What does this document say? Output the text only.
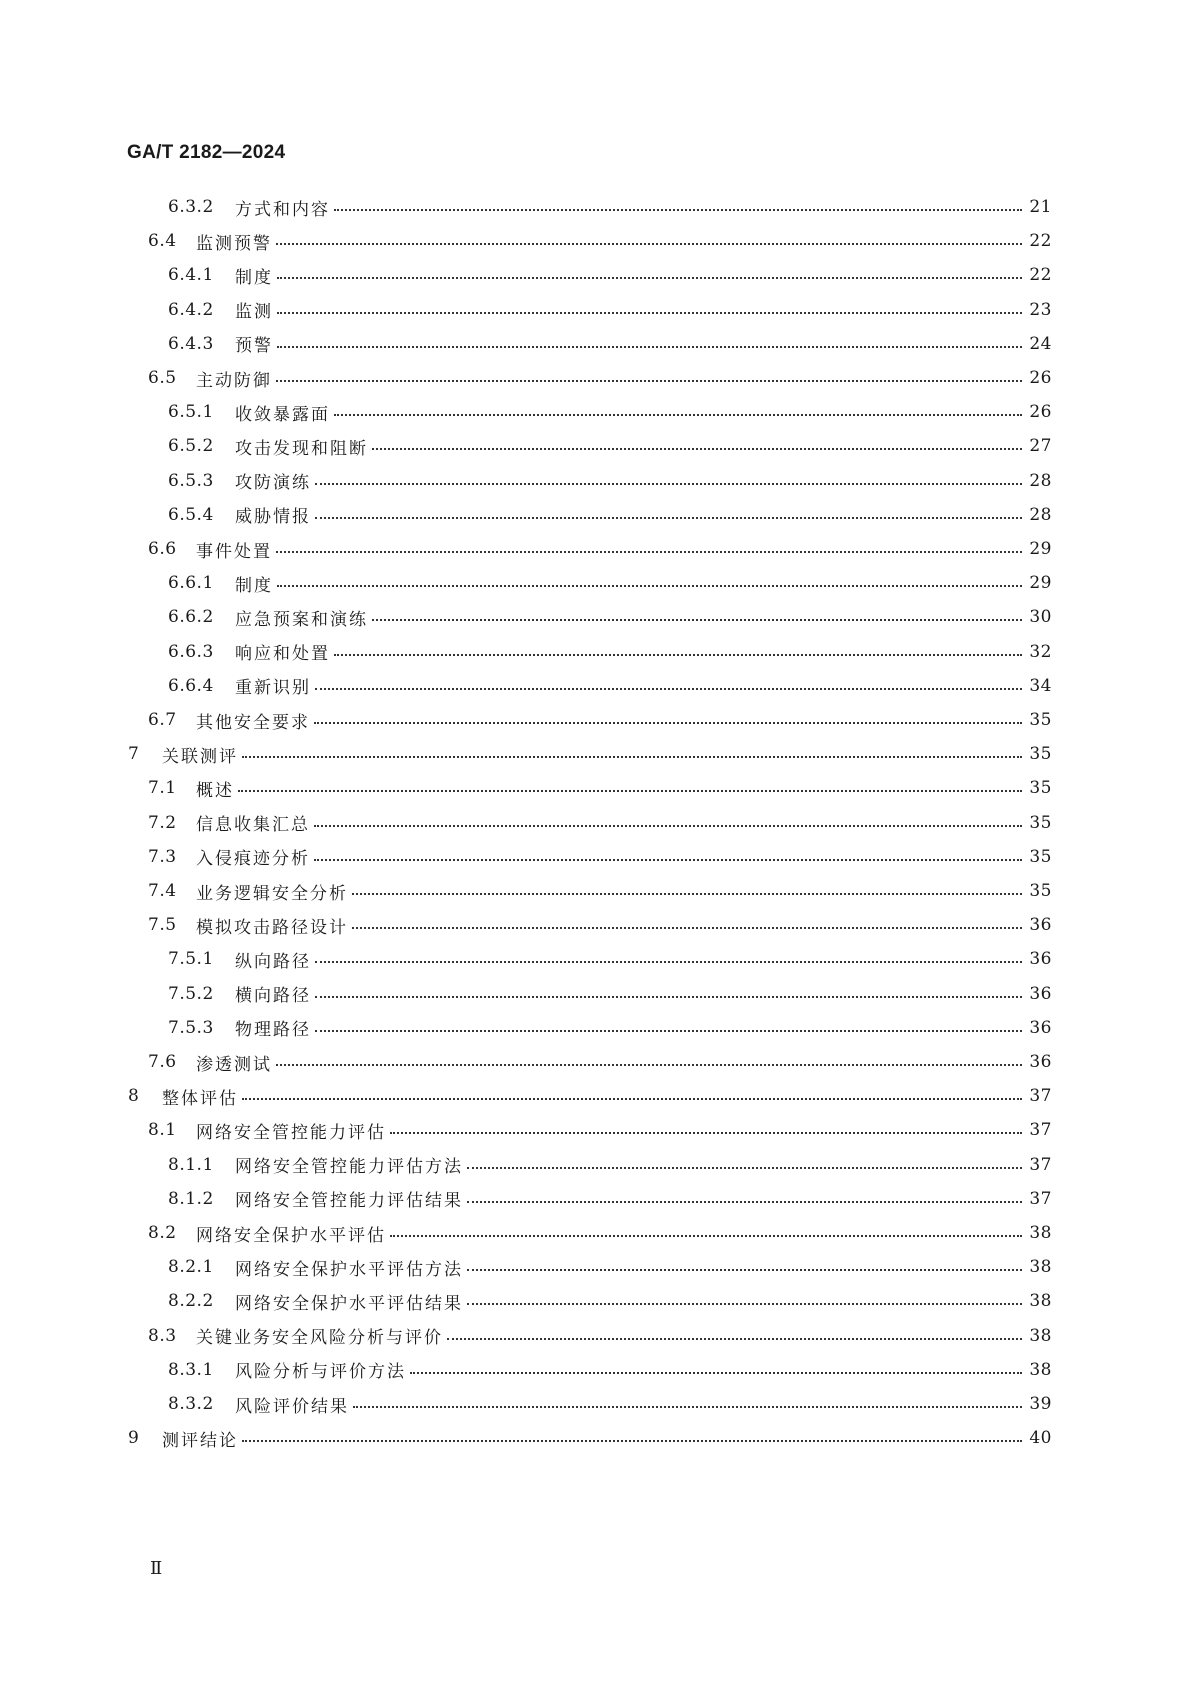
GA/T 2182—2024
6.3.2	方式和内容	21
6.4	监测预警	22
6.4.1	制度	22
6.4.2	监测	23
6.4.3	预警	24
6.5	主动防御	26
6.5.1	收敛暴露面	26
6.5.2	攻击发现和阻断	27
6.5.3	攻防演练	28
6.5.4	威胁情报	28
6.6	事件处置	29
6.6.1	制度	29
6.6.2	应急预案和演练	30
6.6.3	响应和处置	32
6.6.4	重新识别	34
6.7	其他安全要求	35
7	关联测评	35
7.1	概述	35
7.2	信息收集汇总	35
7.3	入侵痕迹分析	35
7.4	业务逻辑安全分析	35
7.5	模拟攻击路径设计	36
7.5.1	纵向路径	36
7.5.2	横向路径	36
7.5.3	物理路径	36
7.6	渗透测试	36
8	整体评估	37
8.1	网络安全管控能力评估	37
8.1.1	网络安全管控能力评估方法	37
8.1.2	网络安全管控能力评估结果	37
8.2	网络安全保护水平评估	38
8.2.1	网络安全保护水平评估方法	38
8.2.2	网络安全保护水平评估结果	38
8.3	关键业务安全风险分析与评价	38
8.3.1	风险分析与评价方法	38
8.3.2	风险评价结果	39
9	测评结论	40
Ⅱ
